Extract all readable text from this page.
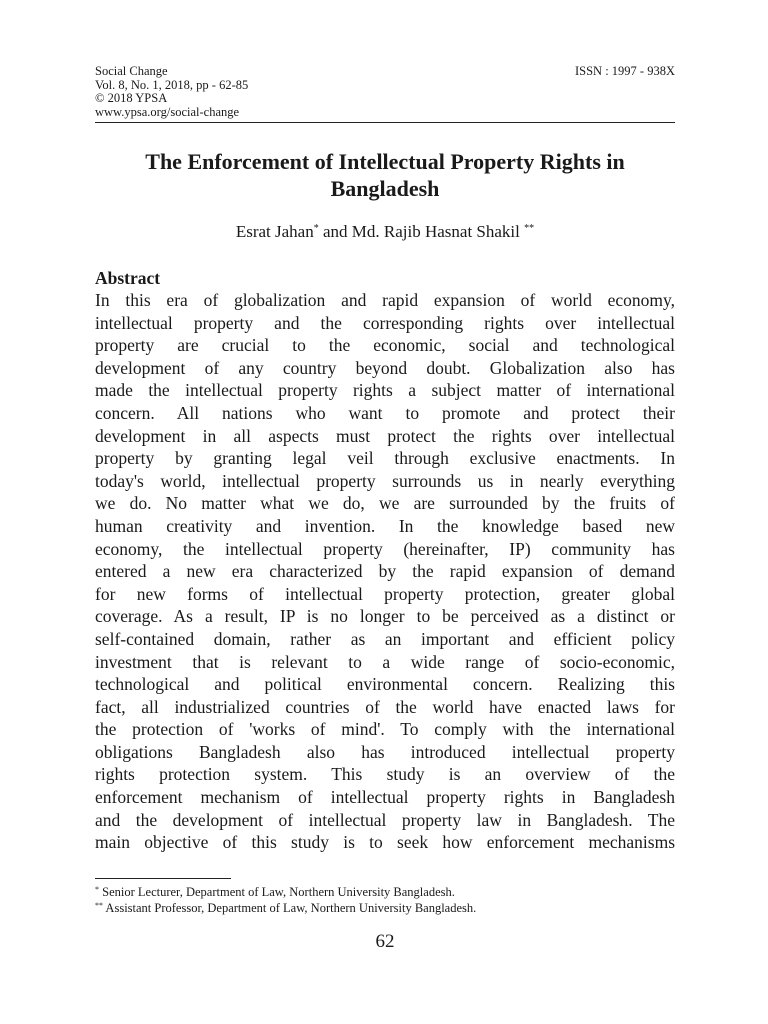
Social Change
Vol. 8, No. 1, 2018, pp - 62-85
© 2018 YPSA
www.ypsa.org/social-change
ISSN : 1997 - 938X
The Enforcement of Intellectual Property Rights in
Bangladesh
Esrat Jahan* and Md. Rajib Hasnat Shakil **
Abstract
In this era of globalization and rapid expansion of world economy,
intellectual property and the corresponding rights over intellectual
property are crucial to the economic, social and technological
development of any country beyond doubt. Globalization also has
made the intellectual property rights a subject matter of international
concern. All nations who want to promote and protect their
development in all aspects must protect the rights over intellectual
property by granting legal veil through exclusive enactments. In
today's world, intellectual property surrounds us in nearly everything
we do. No matter what we do, we are surrounded by the fruits of
human creativity and invention. In the knowledge based new
economy, the intellectual property (hereinafter, IP) community has
entered a new era characterized by the rapid expansion of demand
for new forms of intellectual property protection, greater global
coverage. As a result, IP is no longer to be perceived as a distinct or
self-contained domain, rather as an important and efficient policy
investment that is relevant to a wide range of socio-economic,
technological and political environmental concern. Realizing this
fact, all industrialized countries of the world have enacted laws for
the protection of 'works of mind'. To comply with the international
obligations Bangladesh also has introduced intellectual property
rights protection system. This study is an overview of the
enforcement mechanism of intellectual property rights in Bangladesh
and the development of intellectual property law in Bangladesh. The
main objective of this study is to seek how enforcement mechanisms
* Senior Lecturer, Department of Law, Northern University Bangladesh.
** Assistant Professor, Department of Law, Northern University Bangladesh.
62
